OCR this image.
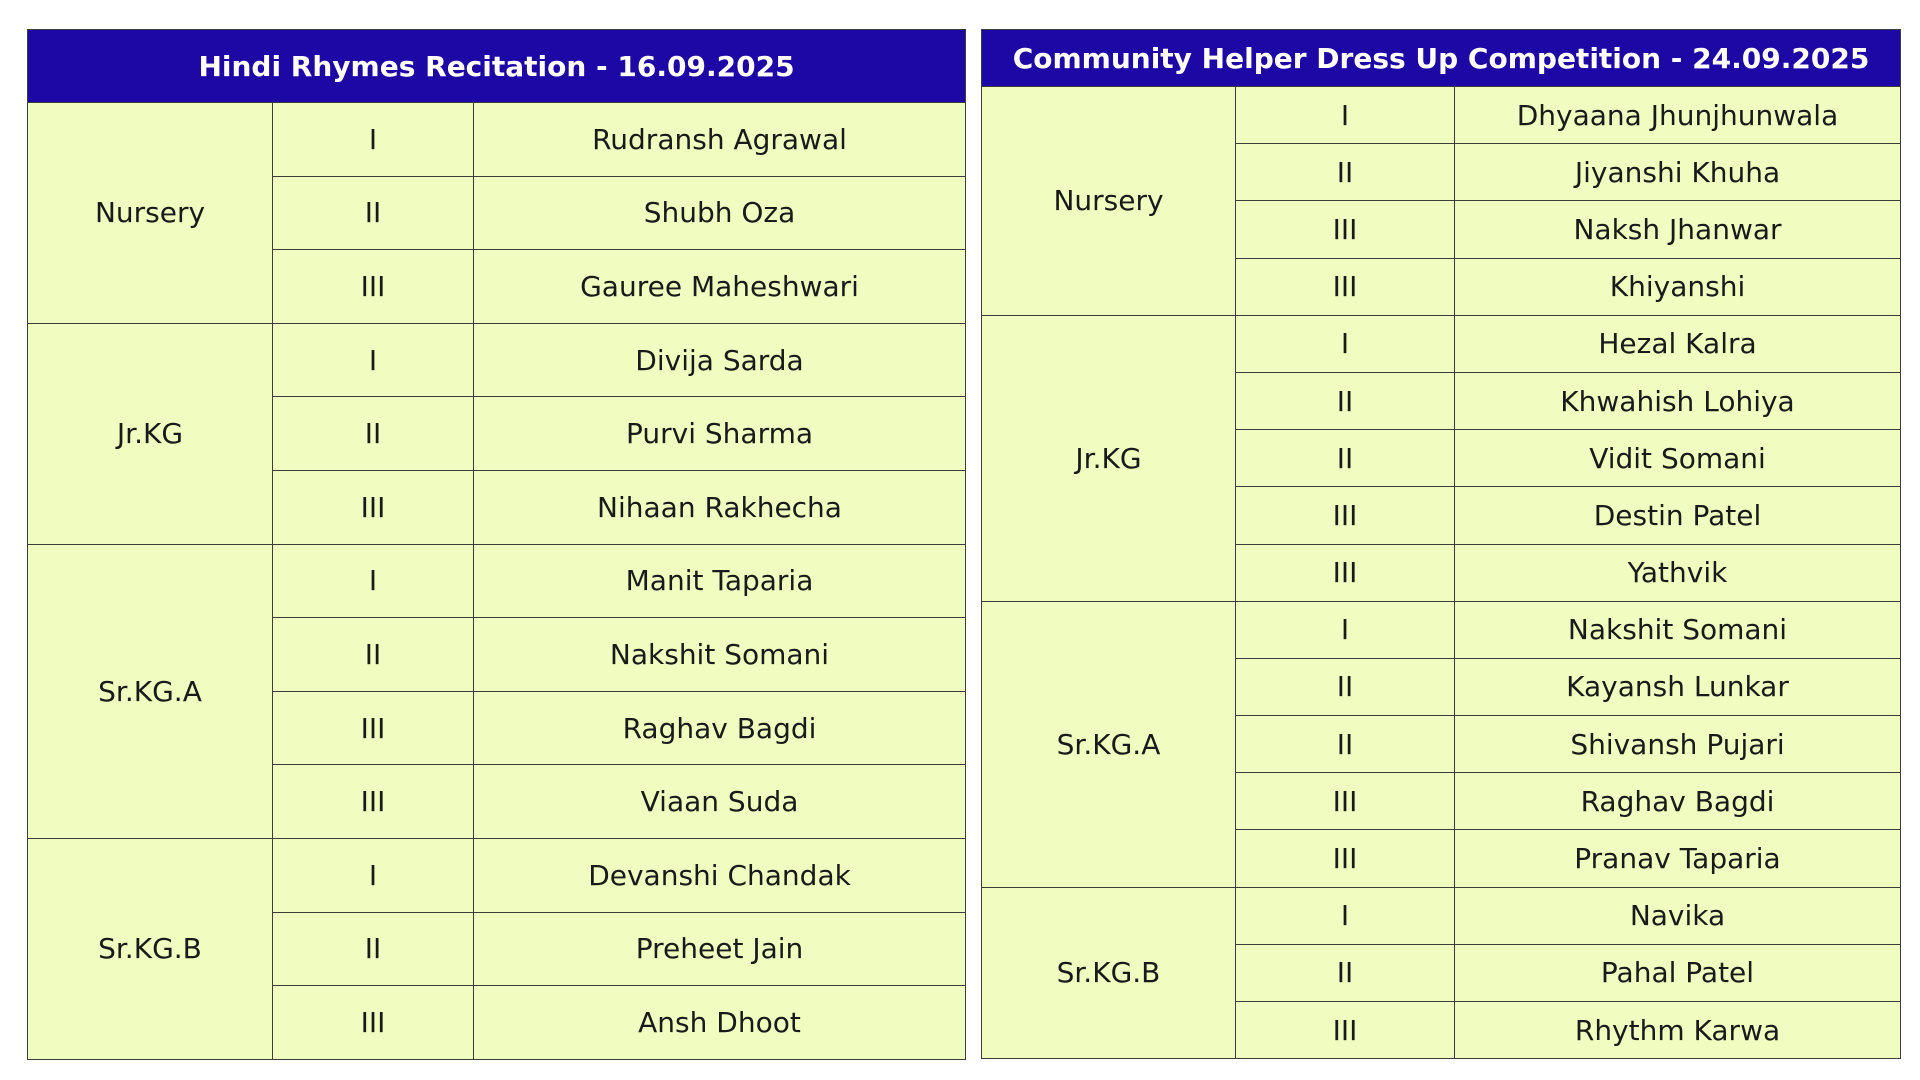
Hindi Rhymes Recitation - 16.09.2025		
Nursery	I	Rudransh Agrawal
	II	Shubh Oza
	III	Gauree Maheshwari
Jr.KG	I	Divija Sarda
	II	Purvi Sharma
	III	Nihaan Rakhecha
Sr.KG.A	I	Manit Taparia
	II	Nakshit Somani
	III	Raghav Bagdi
	III	Viaan Suda
Sr.KG.B	I	Devanshi Chandak
	II	Preheet Jain
	III	Ansh Dhoot
Community Helper Dress Up Competition - 24.09.2025		
Nursery	I	Dhyaana Jhunjhunwala
	II	Jiyanshi Khuha
	III	Naksh Jhanwar
	III	Khiyanshi
Jr.KG	I	Hezal Kalra
	II	Khwahish Lohiya
	II	Vidit Somani
	III	Destin Patel
	III	Yathvik
Sr.KG.A	I	Nakshit Somani
	II	Kayansh Lunkar
	II	Shivansh Pujari
	III	Raghav Bagdi
	III	Pranav Taparia
Sr.KG.B	I	Navika
	II	Pahal Patel
	III	Rhythm Karwa
